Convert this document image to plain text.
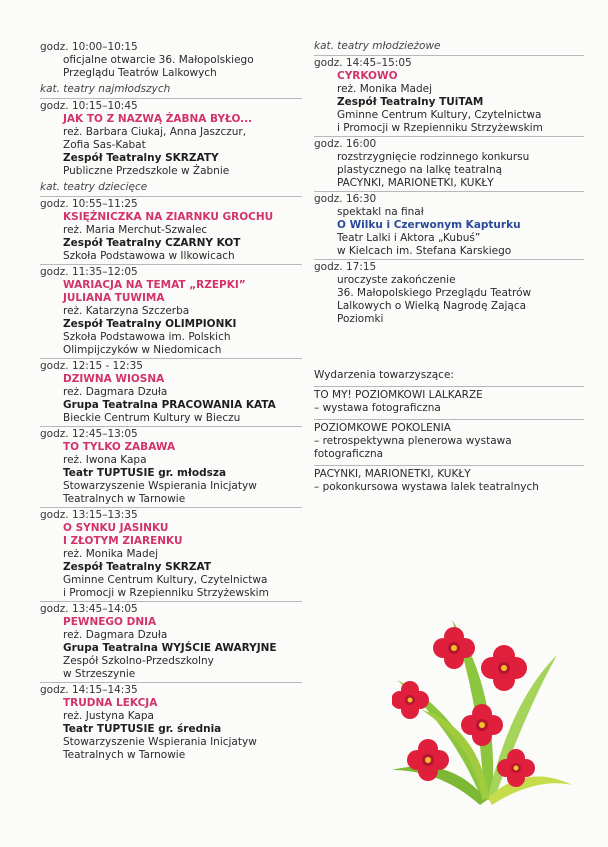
godz. 10:00–10:15
oficjalne otwarcie 36. Małopolskiego
Przeglądu Teatrów Lalkowych
kat. teatry najmłodszych
godz. 10:15–10:45
JAK TO Z NAZWĄ ŻABNA BYŁO...
reż. Barbara Ciukaj, Anna Jaszczur,
Zofia Sas-Kabat
Zespół Teatralny SKRZATY
Publiczne Przedszkole w Żabnie
kat. teatry dziecięce
godz. 10:55–11:25
KSIĘŻNICZKA NA ZIARNKU GROCHU
reż. Maria Merchut-Szwalec
Zespół Teatralny CZARNY KOT
Szkoła Podstawowa w Ilkowicach
godz. 11:35–12:05
WARIACJA NA TEMAT „RZEPKI”
JULIANA TUWIMA
reż. Katarzyna Szczerba
Zespół Teatralny OLIMPIONKI
Szkoła Podstawowa im. Polskich
Olimpijczyków w Niedomicach
godz. 12:15 - 12:35
DZIWNA WIOSNA
reż. Dagmara Dzuła
Grupa Teatralna PRACOWANIA KATA
Bieckie Centrum Kultury w Bieczu
godz. 12:45–13:05
TO TYLKO ZABAWA
reż. Iwona Kapa
Teatr TUPTUSIE gr. młodsza
Stowarzyszenie Wspierania Inicjatyw
Teatralnych w Tarnowie
godz. 13:15–13:35
O SYNKU JASINKU
I ZŁOTYM ZIARENKU
reż. Monika Madej
Zespół Teatralny SKRZAT
Gminne Centrum Kultury, Czytelnictwa
i Promocji w Rzepienniku Strzyżewskim
godz. 13:45–14:05
PEWNEGO DNIA
reż. Dagmara Dzuła
Grupa Teatralna WYJŚCIE AWARYJNE
Zespół Szkolno-Przedszkolny
w Strzeszynie
godz. 14:15–14:35
TRUDNA LEKCJA
reż. Justyna Kapa
Teatr TUPTUSIE gr. średnia
Stowarzyszenie Wspierania Inicjatyw
Teatralnych w Tarnowie
kat. teatry młodzieżowe
godz. 14:45–15:05
CYRKOWO
reż. Monika Madej
Zespół Teatralny TUiTAM
Gminne Centrum Kultury, Czytelnictwa
i Promocji w Rzepienniku Strzyżewskim
godz. 16:00
rozstrzygnięcie rodzinnego konkursu
plastycznego na lalkę teatralną
PACYNKI, MARIONETKI, KUKŁY
godz. 16:30
spektakl na finał
O Wilku i Czerwonym Kapturku
Teatr Lalki i Aktora „Kubuś”
w Kielcach im. Stefana Karskiego
godz. 17:15
uroczyste zakończenie
36. Małopolskiego Przeglądu Teatrów
Lalkowych o Wielką Nagrodę Zająca
Poziomki
Wydarzenia towarzyszące:
TO MY! POZIOMKOWI LALKARZE
– wystawa fotograficzna
POZIOMKOWE POKOLENIA
– retrospektywna plenerowa wystawa
fotograficzna
PACYNKI, MARIONETKI, KUKŁY
– pokonkursowa wystawa lalek teatralnych
